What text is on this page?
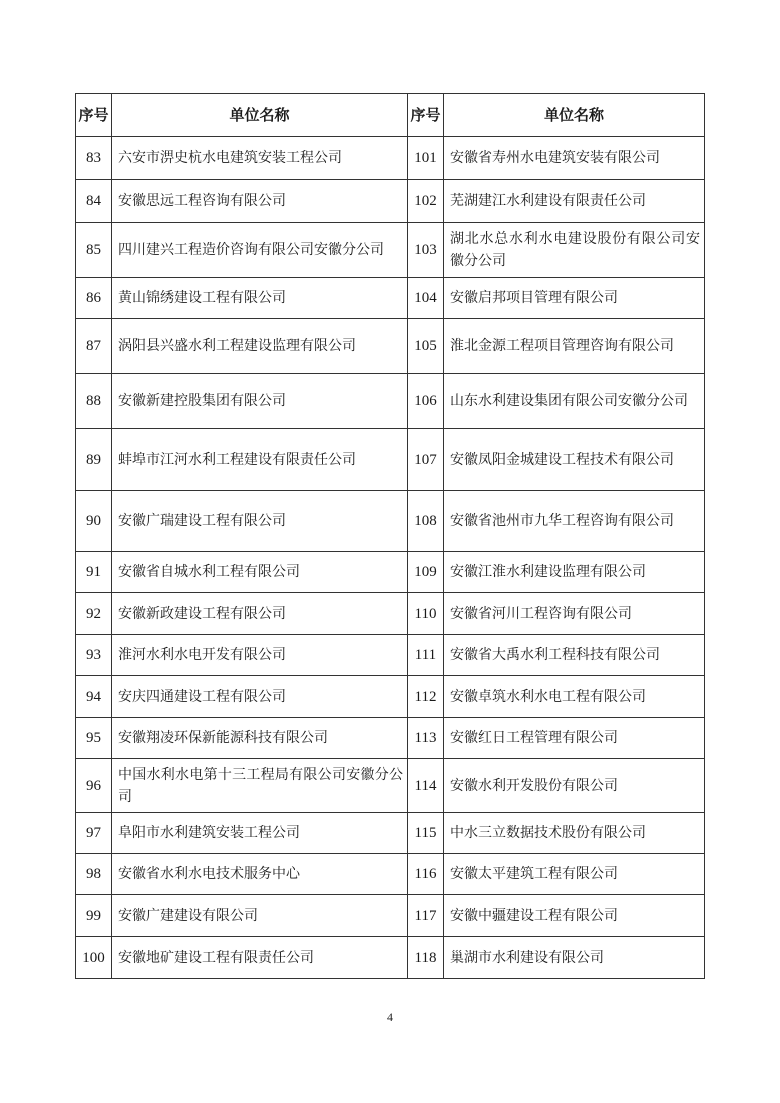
序号	单位名称	序号	单位名称
83	六安市淠史杭水电建筑安装工程公司	101	安徽省寿州水电建筑安装有限公司
84	安徽思远工程咨询有限公司	102	芜湖建江水利建设有限责任公司
85	四川建兴工程造价咨询有限公司安徽分公司	103	湖北水总水利水电建设股份有限公司安徽分公司
86	黄山锦绣建设工程有限公司	104	安徽启邦项目管理有限公司
87	涡阳县兴盛水利工程建设监理有限公司	105	淮北金源工程项目管理咨询有限公司
88	安徽新建控股集团有限公司	106	山东水利建设集团有限公司安徽分公司
89	蚌埠市江河水利工程建设有限责任公司	107	安徽凤阳金城建设工程技术有限公司
90	安徽广瑞建设工程有限公司	108	安徽省池州市九华工程咨询有限公司
91	安徽省自城水利工程有限公司	109	安徽江淮水利建设监理有限公司
92	安徽新政建设工程有限公司	110	安徽省河川工程咨询有限公司
93	淮河水利水电开发有限公司	111	安徽省大禹水利工程科技有限公司
94	安庆四通建设工程有限公司	112	安徽卓筑水利水电工程有限公司
95	安徽翔凌环保新能源科技有限公司	113	安徽红日工程管理有限公司
96	中国水利水电第十三工程局有限公司安徽分公司	114	安徽水利开发股份有限公司
97	阜阳市水利建筑安装工程公司	115	中水三立数据技术股份有限公司
98	安徽省水利水电技术服务中心	116	安徽太平建筑工程有限公司
99	安徽广建建设有限公司	117	安徽中疆建设工程有限公司
100	安徽地矿建设工程有限责任公司	118	巢湖市水利建设有限公司
4
